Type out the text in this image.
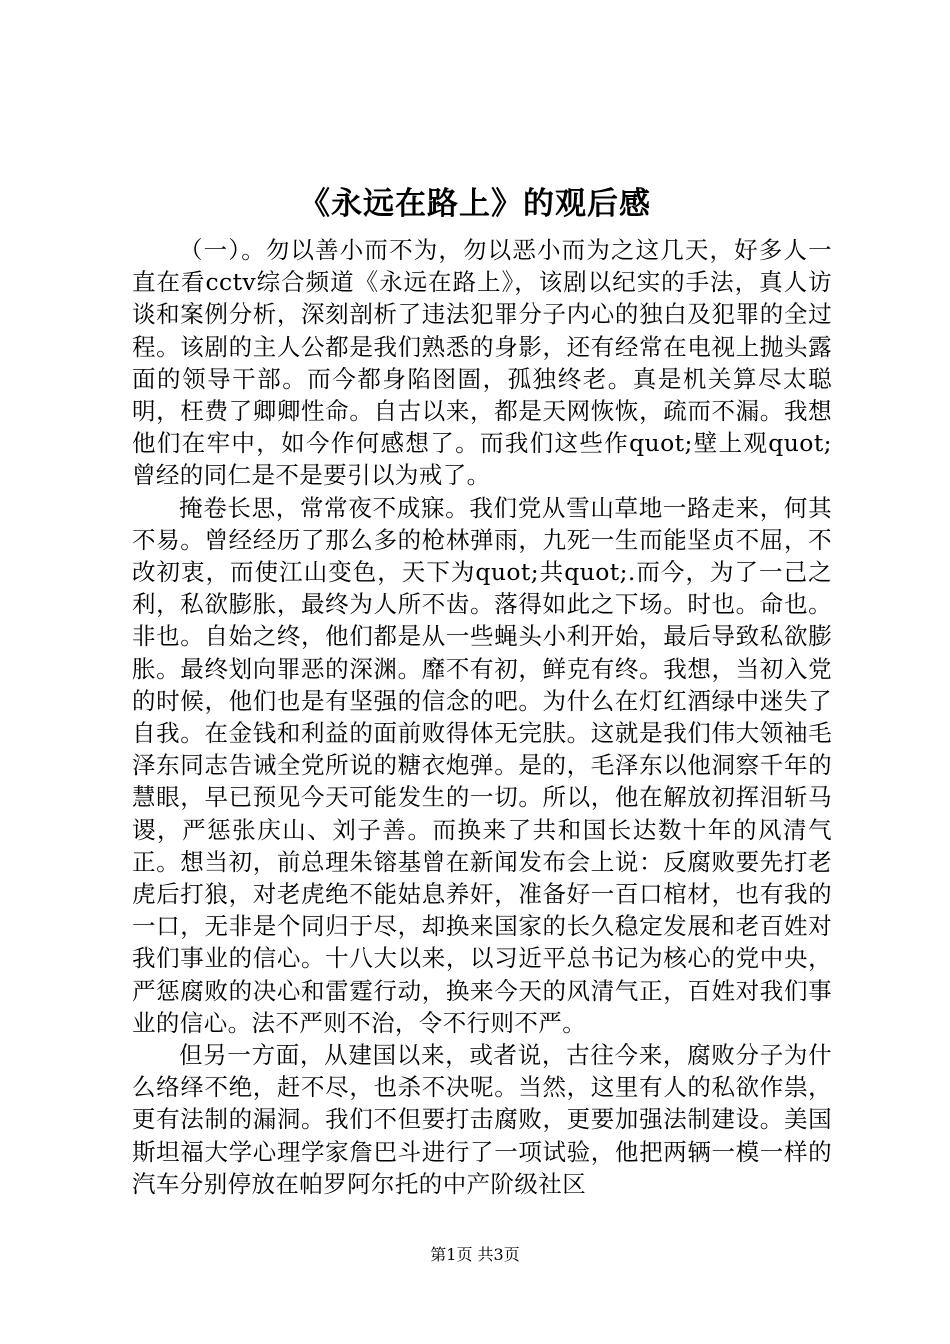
《永远在路上》的观后感

（一）。勿以善小而不为，勿以恶小而为之这几天，好多人一直在看cctv综合频道《永远在路上》，该剧以纪实的手法，真人访谈和案例分析，深刻剖析了违法犯罪分子内心的独白及犯罪的全过程。该剧的主人公都是我们熟悉的身影，还有经常在电视上抛头露面的领导干部。而今都身陷囹圄，孤独终老。真是机关算尽太聪明，枉费了卿卿性命。自古以来，都是天网恢恢，疏而不漏。我想他们在牢中，如今作何感想了。而我们这些作quot;壁上观quot;曾经的同仁是不是要引以为戒了。

掩卷长思，常常夜不成寐。我们党从雪山草地一路走来，何其不易。曾经经历了那么多的枪林弹雨，九死一生而能坚贞不屈，不改初衷，而使江山变色，天下为quot;共quot;.而今，为了一己之利，私欲膨胀，最终为人所不齿。落得如此之下场。时也。命也。非也。自始之终，他们都是从一些蝇头小利开始，最后导致私欲膨胀。最终划向罪恶的深渊。靡不有初，鲜克有终。我想，当初入党的时候，他们也是有坚强的信念的吧。为什么在灯红酒绿中迷失了自我。在金钱和利益的面前败得体无完肤。这就是我们伟大领袖毛泽东同志告诫全党所说的糖衣炮弹。是的，毛泽东以他洞察千年的慧眼，早已预见今天可能发生的一切。所以，他在解放初挥泪斩马谡，严惩张庆山、刘子善。而换来了共和国长达数十年的风清气正。想当初，前总理朱镕基曾在新闻发布会上说：反腐败要先打老虎后打狼，对老虎绝不能姑息养奸，准备好一百口棺材，也有我的一口，无非是个同归于尽，却换来国家的长久稳定发展和老百姓对我们事业的信心。十八大以来，以习近平总书记为核心的党中央，严惩腐败的决心和雷霆行动，换来今天的风清气正，百姓对我们事业的信心。法不严则不治，令不行则不严。

但另一方面，从建国以来，或者说，古往今来，腐败分子为什么络绎不绝，赶不尽，也杀不决呢。当然，这里有人的私欲作祟，更有法制的漏洞。我们不但要打击腐败，更要加强法制建设。美国斯坦福大学心理学家詹巴斗进行了一项试验，他把两辆一模一样的汽车分别停放在帕罗阿尔托的中产阶级社区

第1页 共3页
